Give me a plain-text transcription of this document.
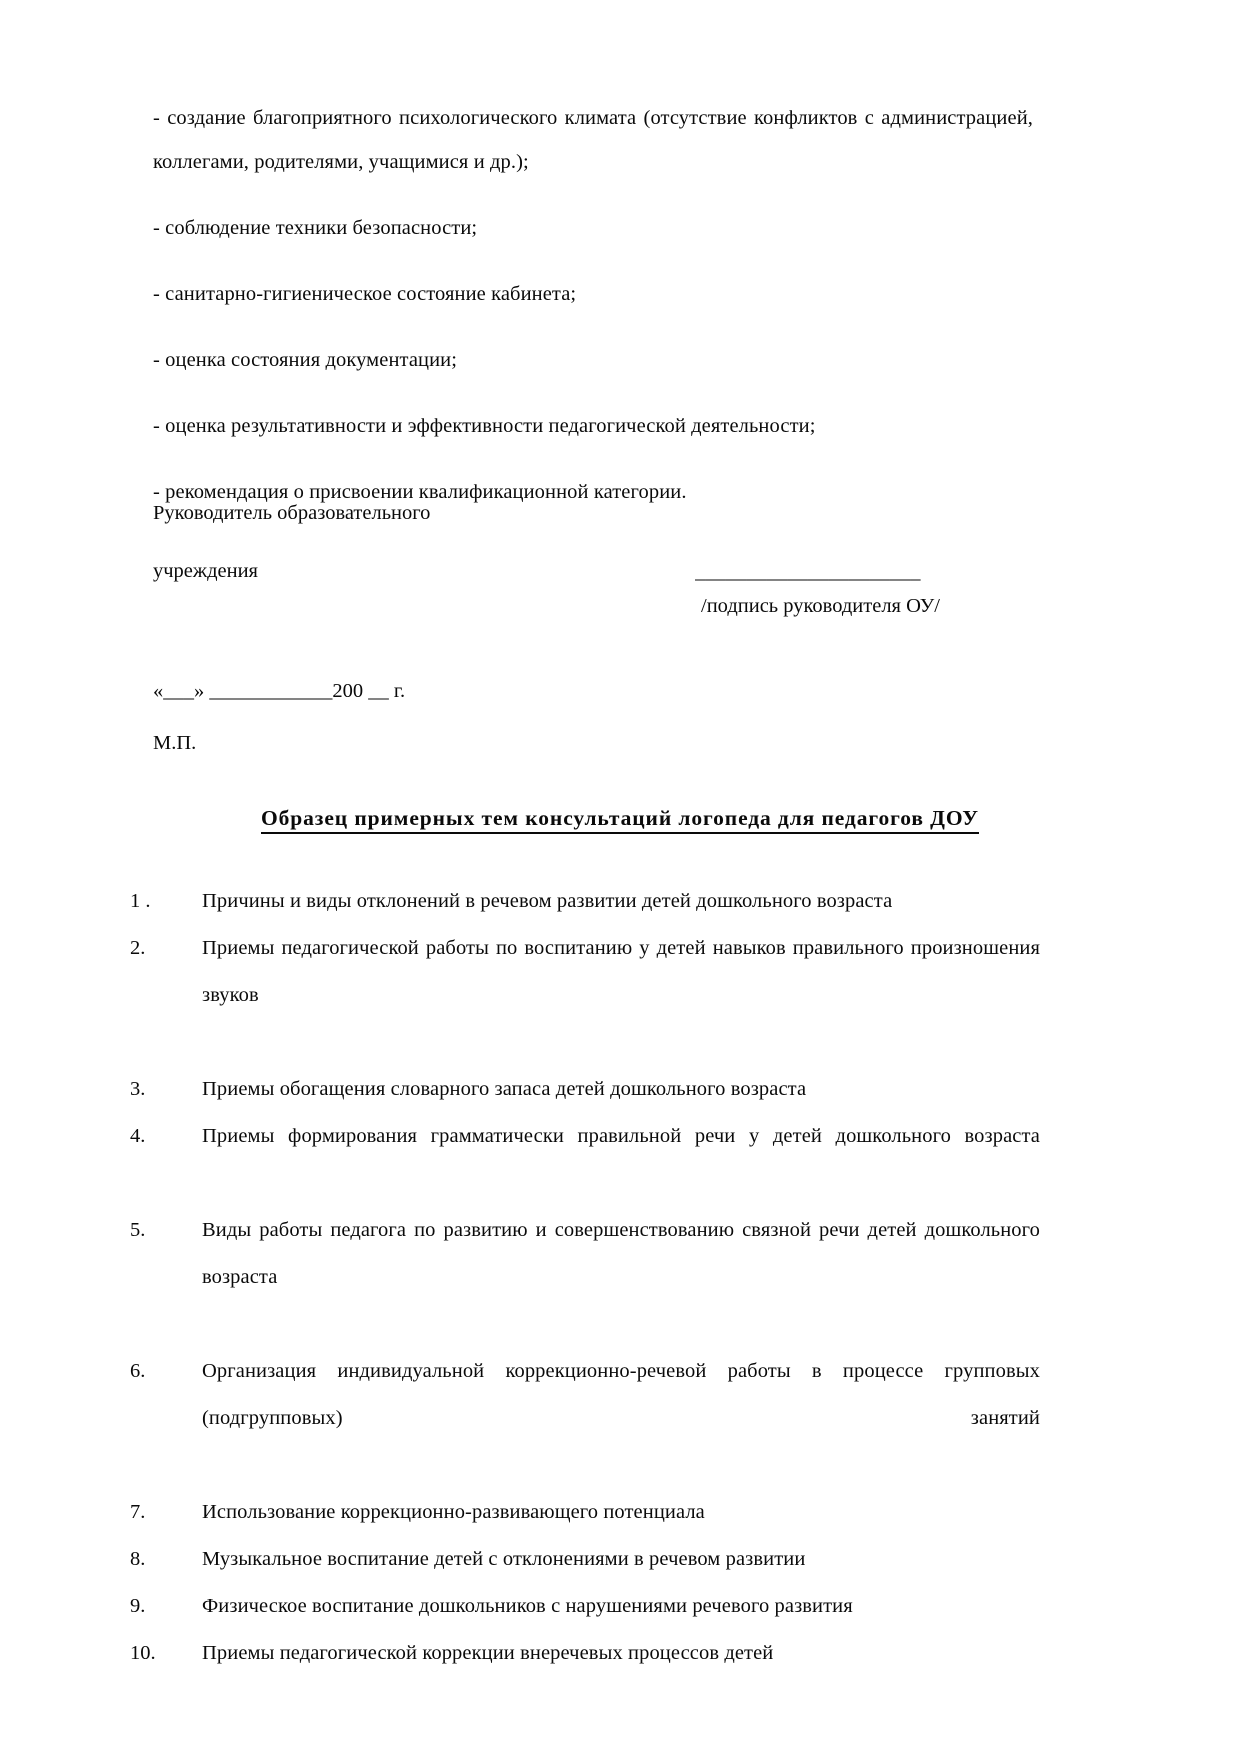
- создание благоприятного психологического климата (отсутствие конфликтов с администрацией, коллегами, родителями, учащимися и др.);

- соблюдение техники безопасности;

- санитарно-гигиеническое состояние кабинета;

- оценка состояния документации;

- оценка результативности и эффективности педагогической деятельности;

- рекомендация о присвоении квалификационной категории.

Руководитель образовательного

учреждения	______________________
/подпись руководителя ОУ/
«___» ____________200 __ г.
М.П.
Образец примерных тем консультаций логопеда для педагогов ДОУ
1 .	Причины и виды отклонений в речевом развитии детей дошкольного возраста
2.	Приемы педагогической работы по воспитанию у детей навыков правильного произношения звуков
3.	Приемы обогащения словарного запаса детей дошкольного возраста
4.	Приемы формирования грамматически правильной речи у детей дошкольного возраста
5.	Виды работы педагога по развитию и совершенствованию связной речи детей дошкольного возраста
6.	Организация индивидуальной коррекционно-речевой работы в процессе групповых (подгрупповых) занятий
7.	Использование коррекционно-развивающего потенциала
8.	Музыкальное воспитание детей с отклонениями в речевом развитии
9.	Физическое воспитание дошкольников с нарушениями речевого развития
10.	Приемы педагогической коррекции внеречевых процессов детей
